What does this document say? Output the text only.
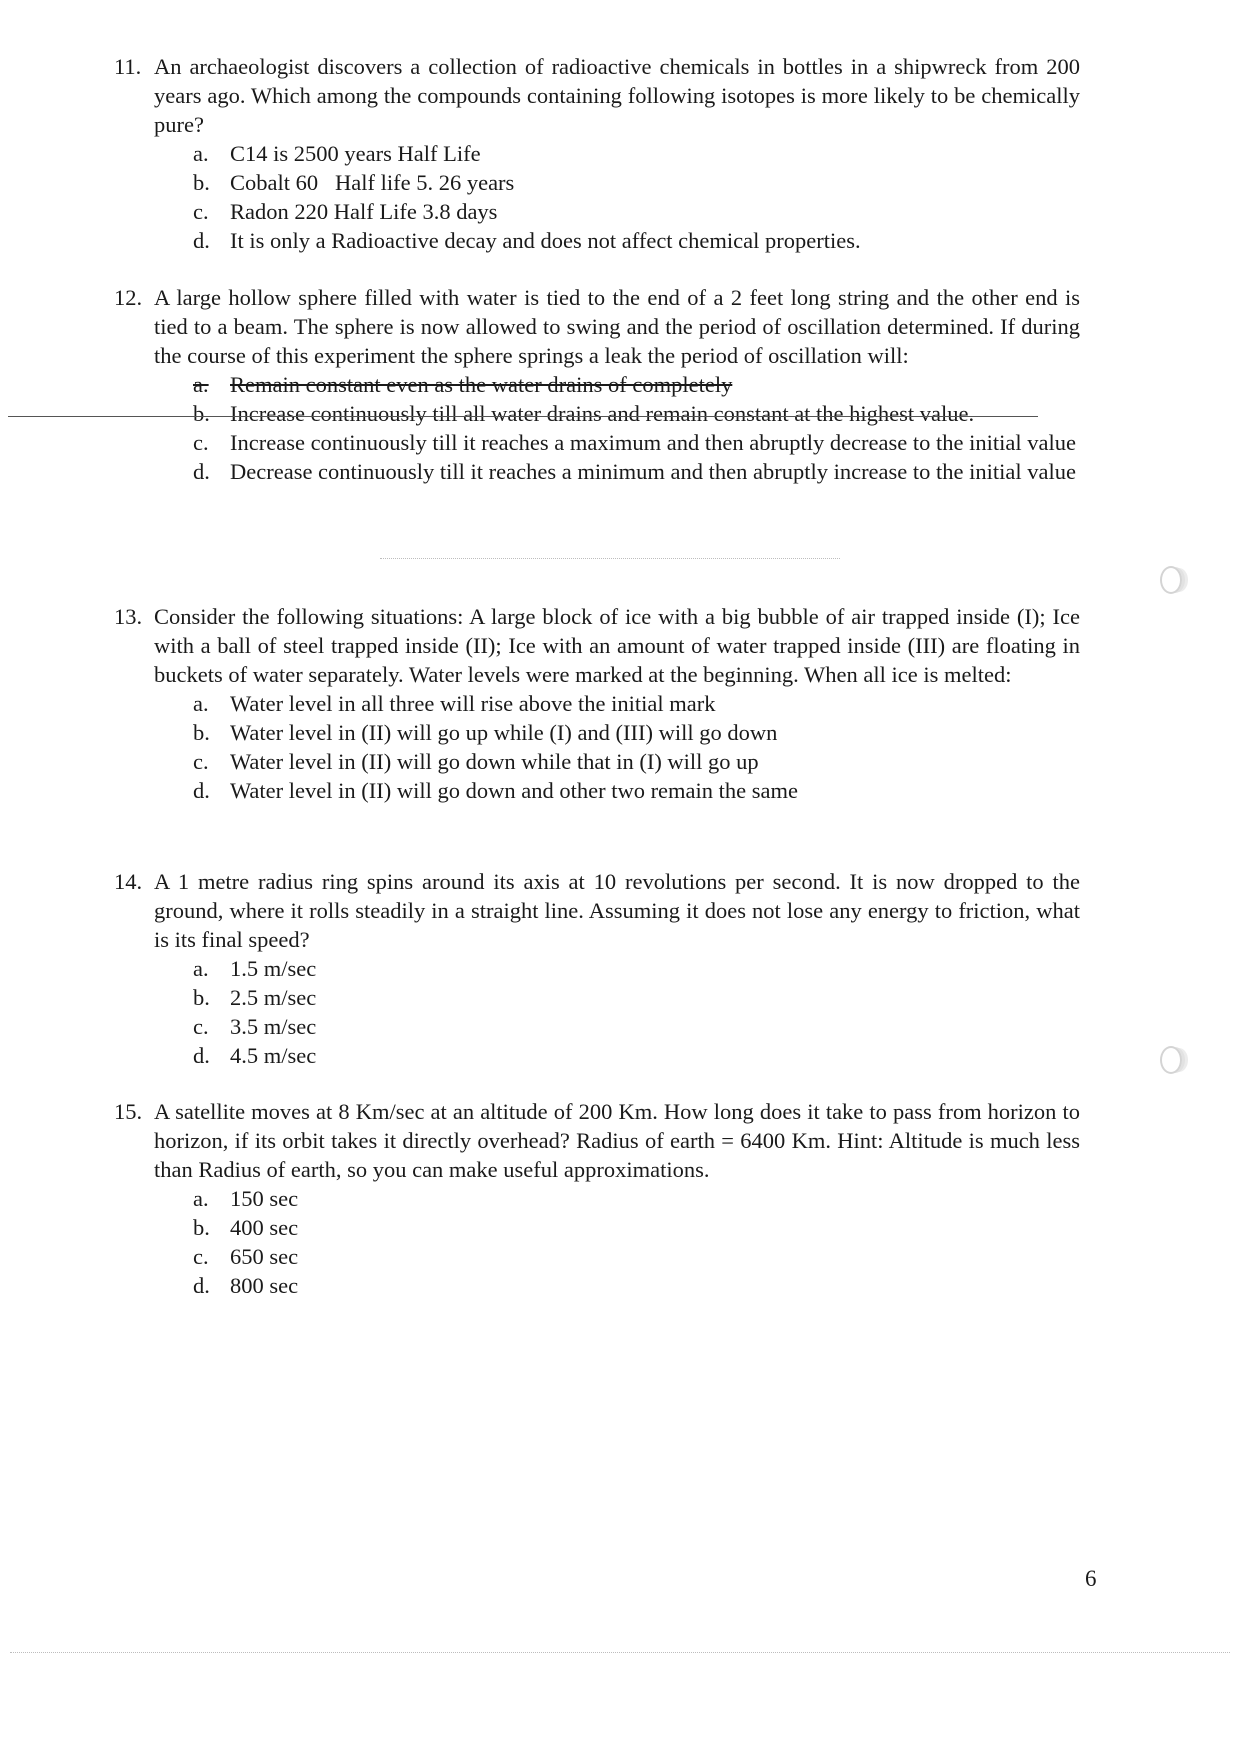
11. An archaeologist discovers a collection of radioactive chemicals in bottles in a shipwreck from 200 years ago. Which among the compounds containing following isotopes is more likely to be chemically pure?
a. C14 is 2500 years Half Life
b. Cobalt 60   Half life 5. 26 years
c. Radon 220 Half Life 3.8 days
d. It is only a Radioactive decay and does not affect chemical properties.
12. A large hollow sphere filled with water is tied to the end of a 2 feet long string and the other end is tied to a beam. The sphere is now allowed to swing and the period of oscillation determined. If during the course of this experiment the sphere springs a leak the period of oscillation will:
a. Remain constant even as the water drains of completely
b. Increase continuously till all water drains and remain constant at the highest value.
c. Increase continuously till it reaches a maximum and then abruptly decrease to the initial value
d. Decrease continuously till it reaches a minimum and then abruptly increase to the initial value
13. Consider the following situations: A large block of ice with a big bubble of air trapped inside (I); Ice with a ball of steel trapped inside (II); Ice with an amount of water trapped inside (III) are floating in buckets of water separately. Water levels were marked at the beginning. When all ice is melted:
a. Water level in all three will rise above the initial mark
b. Water level in (II) will go up while (I) and (III) will go down
c. Water level in (II) will go down while that in (I) will go up
d. Water level in (II) will go down and other two remain the same
14. A 1 metre radius ring spins around its axis at 10 revolutions per second. It is now dropped to the ground, where it rolls steadily in a straight line. Assuming it does not lose any energy to friction, what is its final speed?
a. 1.5 m/sec
b. 2.5 m/sec
c. 3.5 m/sec
d. 4.5 m/sec
15. A satellite moves at 8 Km/sec at an altitude of 200 Km. How long does it take to pass from horizon to horizon, if its orbit takes it directly overhead? Radius of earth = 6400 Km. Hint: Altitude is much less than Radius of earth, so you can make useful approximations.
a. 150 sec
b. 400 sec
c. 650 sec
d. 800 sec
6
